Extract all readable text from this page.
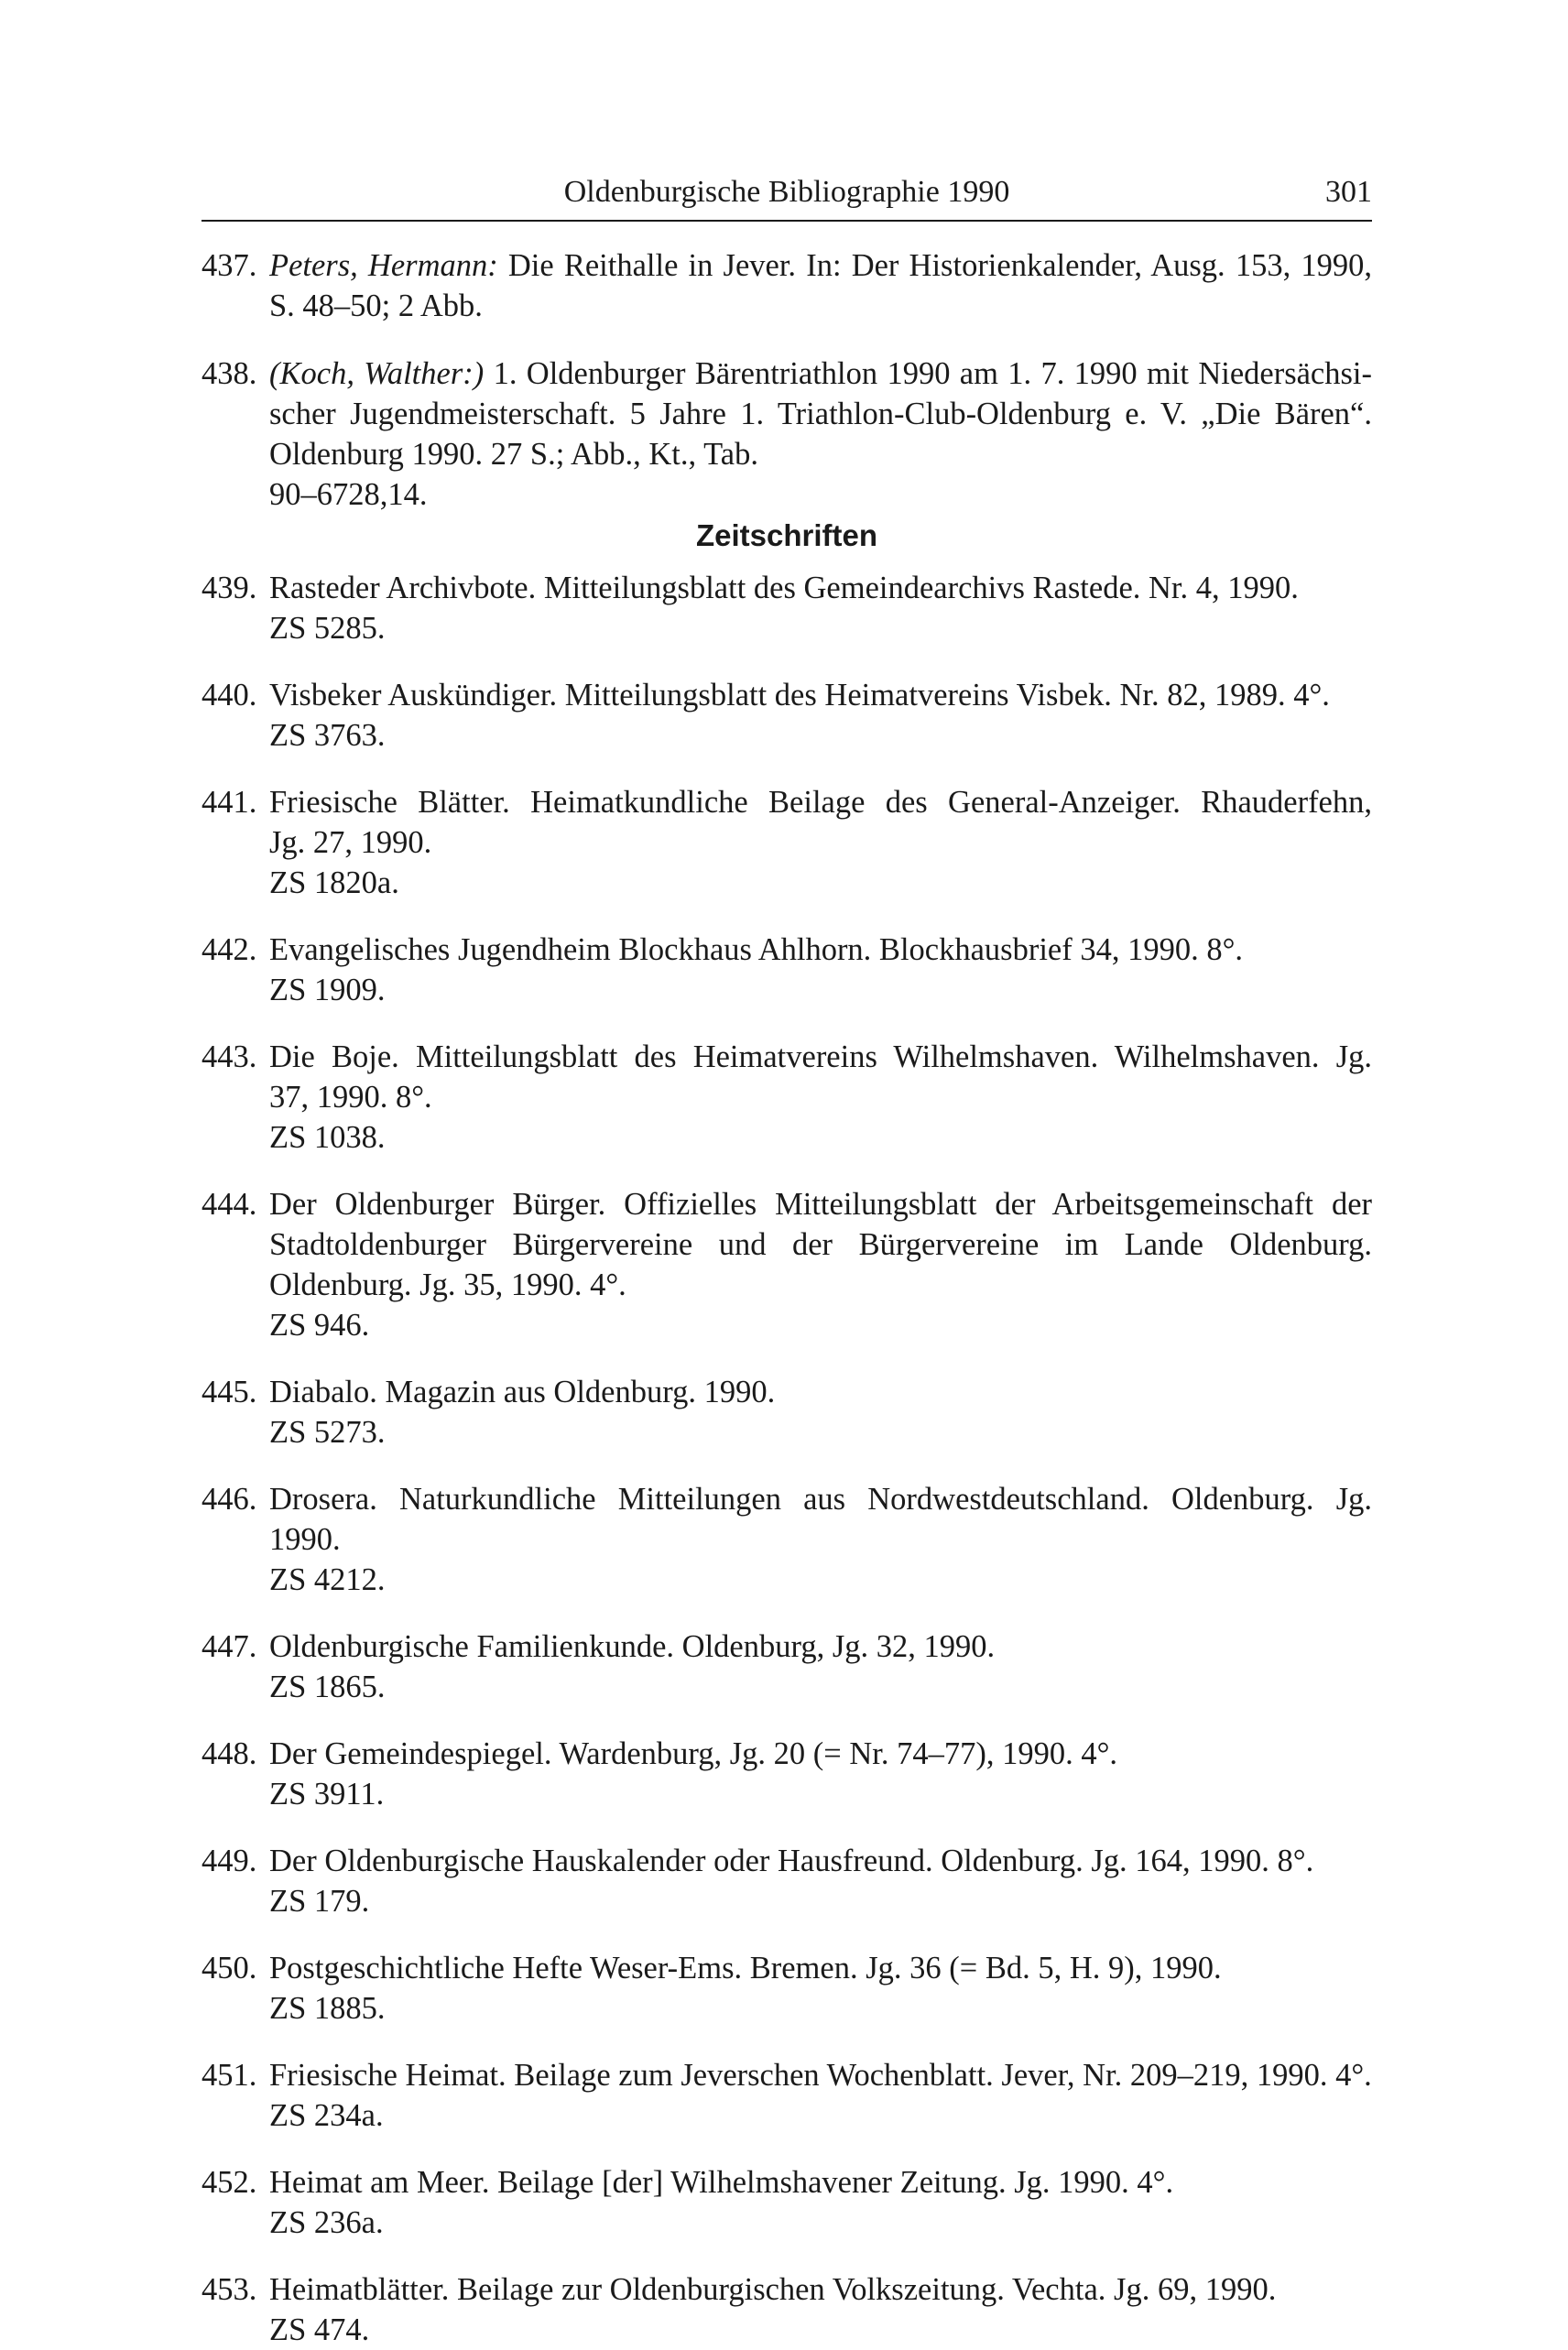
Oldenburgische Bibliographie 1990	301
437. Peters, Hermann: Die Reithalle in Jever. In: Der Historienkalender, Ausg. 153, 1990,

S. 48–50; 2 Abb.

438. (Koch, Walther:) 1. Oldenburger Bärentriathlon 1990 am 1. 7. 1990 mit Niedersächsi-

scher Jugendmeisterschaft. 5 Jahre 1. Triathlon-Club-Oldenburg e. V. „Die Bären“.

Oldenburg 1990. 27 S.; Abb., Kt., Tab.

90–6728,14.

Zeitschriften
439. Rasteder Archivbote. Mitteilungsblatt des Gemeindearchivs Rastede. Nr. 4, 1990.

ZS 5285.

440. Visbeker Auskündiger. Mitteilungsblatt des Heimatvereins Visbek. Nr. 82, 1989. 4°.

ZS 3763.

441. Friesische Blätter. Heimatkundliche Beilage des General-Anzeiger. Rhauderfehn,

Jg. 27, 1990.

ZS 1820a.

442. Evangelisches Jugendheim Blockhaus Ahlhorn. Blockhausbrief 34, 1990. 8°.

ZS 1909.

443. Die Boje. Mitteilungsblatt des Heimatvereins Wilhelmshaven. Wilhelmshaven. Jg.

37, 1990. 8°.

ZS 1038.

444. Der Oldenburger Bürger. Offizielles Mitteilungsblatt der Arbeitsgemeinschaft der

Stadtoldenburger Bürgervereine und der Bürgervereine im Lande Oldenburg.

Oldenburg. Jg. 35, 1990. 4°.

ZS 946.

445. Diabalo. Magazin aus Oldenburg. 1990.

ZS 5273.

446. Drosera. Naturkundliche Mitteilungen aus Nordwestdeutschland. Oldenburg. Jg.

1990.

ZS 4212.

447. Oldenburgische Familienkunde. Oldenburg, Jg. 32, 1990.

ZS 1865.

448. Der Gemeindespiegel. Wardenburg, Jg. 20 (= Nr. 74–77), 1990. 4°.

ZS 3911.

449. Der Oldenburgische Hauskalender oder Hausfreund. Oldenburg. Jg. 164, 1990. 8°.

ZS 179.

450. Postgeschichtliche Hefte Weser-Ems. Bremen. Jg. 36 (= Bd. 5, H. 9), 1990.

ZS 1885.

451. Friesische Heimat. Beilage zum Jeverschen Wochenblatt. Jever, Nr. 209–219, 1990. 4°.

ZS 234a.

452. Heimat am Meer. Beilage [der] Wilhelmshavener Zeitung. Jg. 1990. 4°.

ZS 236a.

453. Heimatblätter. Beilage zur Oldenburgischen Volkszeitung. Vechta. Jg. 69, 1990.

ZS 474.
